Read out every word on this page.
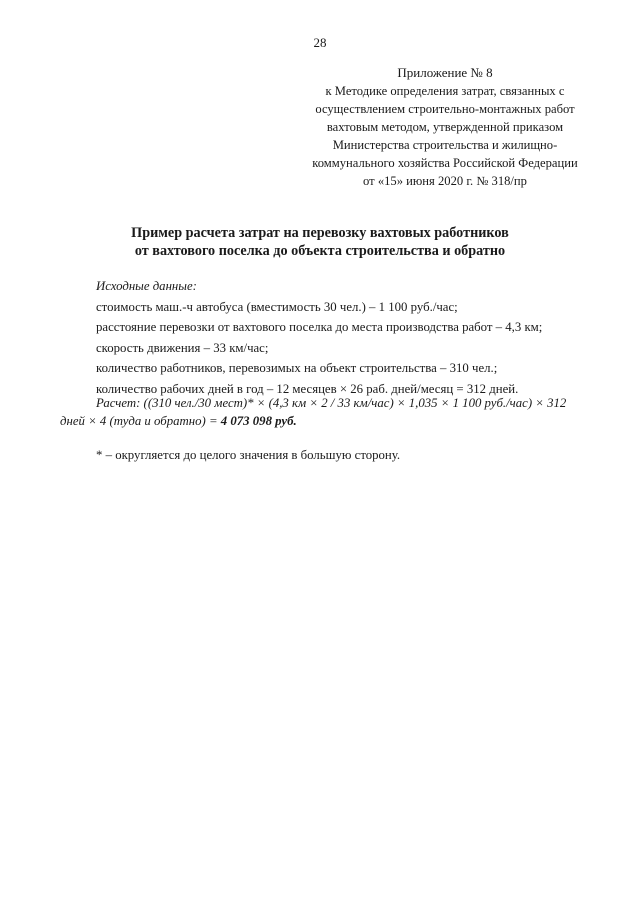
28
Приложение № 8
к Методике определения затрат, связанных с
осуществлением строительно-монтажных работ
вахтовым методом, утвержденной приказом
Министерства строительства и жилищно-
коммунального хозяйства Российской Федерации
от «15» июня 2020 г. № 318/пр
Пример расчета затрат на перевозку вахтовых работников
от вахтового поселка до объекта строительства и обратно
Исходные данные:
стоимость маш.-ч автобуса (вместимость 30 чел.) – 1 100 руб./час;
расстояние перевозки от вахтового поселка до места производства работ – 4,3 км;
скорость движения – 33 км/час;
количество работников, перевозимых на объект строительства – 310 чел.;
количество рабочих дней в год – 12 месяцев × 26 раб. дней/месяц = 312 дней.
Расчет: ((310 чел./30 мест)* × (4,3 км × 2 / 33 км/час) × 1,035 × 1 100 руб./час) × 312 дней × 4 (туда и обратно) = 4 073 098 руб.
* – округляется до целого значения в большую сторону.
